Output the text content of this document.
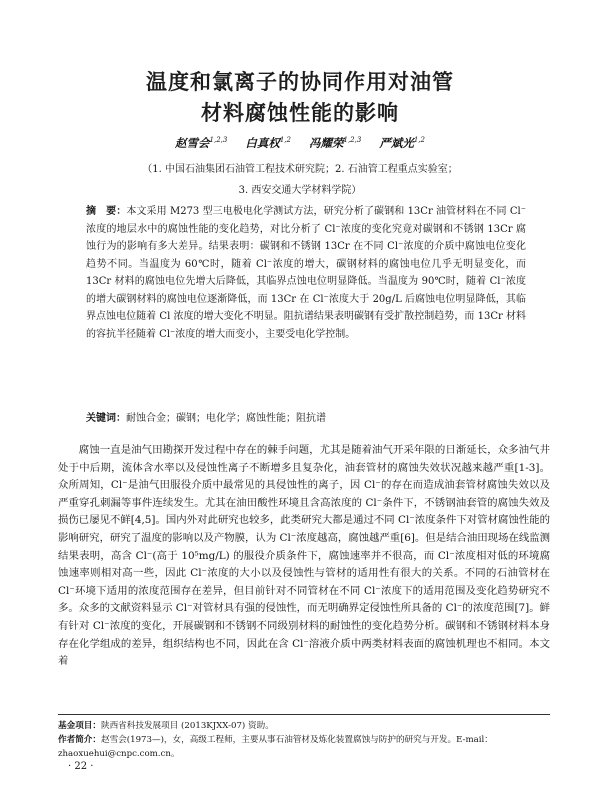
温度和氯离子的协同作用对油管
材料腐蚀性能的影响
赵雪会$^{1,2,3}$ 白真权$^{1,2}$ 冯耀荣$^{1,2,3}$ 严斌光$^{1,2}$
（1. 中国石油集团石油管工程技术研究院；2. 石油管工程重点实验室；
3. 西安交通大学材料学院）
摘　要：本文采用 M273 型三电极电化学测试方法，研究分析了碳钢和 13Cr 油管材料在不同 Cl⁻浓度的地层水中的腐蚀性能的变化趋势，对比分析了 Cl⁻浓度的变化究竟对碳钢和不锈钢 13Cr 腐蚀行为的影响有多大差异。结果表明：碳钢和不锈钢 13Cr 在不同 Cl⁻浓度的介质中腐蚀电位变化趋势不同。当温度为 60℃时，随着 Cl⁻浓度的增大，碳钢材料的腐蚀电位几乎无明显变化，而 13Cr 材料的腐蚀电位先增大后降低，其临界点蚀电位明显降低。当温度为 90℃时，随着 Cl⁻浓度的增大碳钢材料的腐蚀电位逐渐降低，而 13Cr 在 Cl⁻浓度大于 20g/L 后腐蚀电位明显降低，其临界点蚀电位随着 Cl 浓度的增大变化不明显。阻抗谱结果表明碳钢有受扩散控制趋势，而 13Cr 材料的容抗半径随着 Cl⁻浓度的增大而变小，主要受电化学控制。
关键词：耐蚀合金；碳钢；电化学；腐蚀性能；阻抗谱
腐蚀一直是油气田勘探开发过程中存在的棘手问题，尤其是随着油气开采年限的日渐延长，众多油气井处于中后期，流体含水率以及侵蚀性离子不断增多且复杂化，油套管材的腐蚀失效状况越来越严重[1-3]。众所周知，Cl⁻是油气田服役介质中最常见的具侵蚀性的离子，因 Cl⁻的存在而造成油套管材腐蚀失效以及严重穿孔刺漏等事件连续发生。尤其在油田酸性环境且含高浓度的 Cl⁻条件下，不锈钢油套管的腐蚀失效及损伤已屡见不鲜[4,5]。国内外对此研究也较多，此类研究大都是通过不同 Cl⁻浓度条件下对管材腐蚀性能的影响研究，研究了温度的影响以及产物膜，认为 Cl⁻浓度越高，腐蚀越严重[6]。但是结合油田现场在线监测结果表明，高含 Cl⁻(高于 10⁵mg/L) 的服役介质条件下，腐蚀速率并不很高，而 Cl⁻浓度相对低的环境腐蚀速率则相对高一些，因此 Cl⁻浓度的大小以及侵蚀性与管材的适用性有很大的关系。不同的石油管材在 Cl⁻环境下适用的浓度范围存在差异，但目前针对不同管材在不同 Cl⁻浓度下的适用范围及变化趋势研究不多。众多的文献资料显示 Cl⁻对管材具有强的侵蚀性，而无明确界定侵蚀性所具备的 Cl⁻的浓度范围[7]。鲜有针对 Cl⁻浓度的变化，开展碳钢和不锈钢不同级别材料的耐蚀性的变化趋势分析。碳钢和不锈钢材料本身存在化学组成的差异，组织结构也不同，因此在含 Cl⁻溶液介质中两类材料表面的腐蚀机理也不相同。本文着
基金项目：陕西省科技发展项目 (2013KJXX-07) 资助。
作者简介：赵雪会(1973—)，女，高级工程师，主要从事石油管材及炼化装置腐蚀与防护的研究与开发。E-mail：zhaoxuehui@cnpc.com.cn。
· 22 ·
